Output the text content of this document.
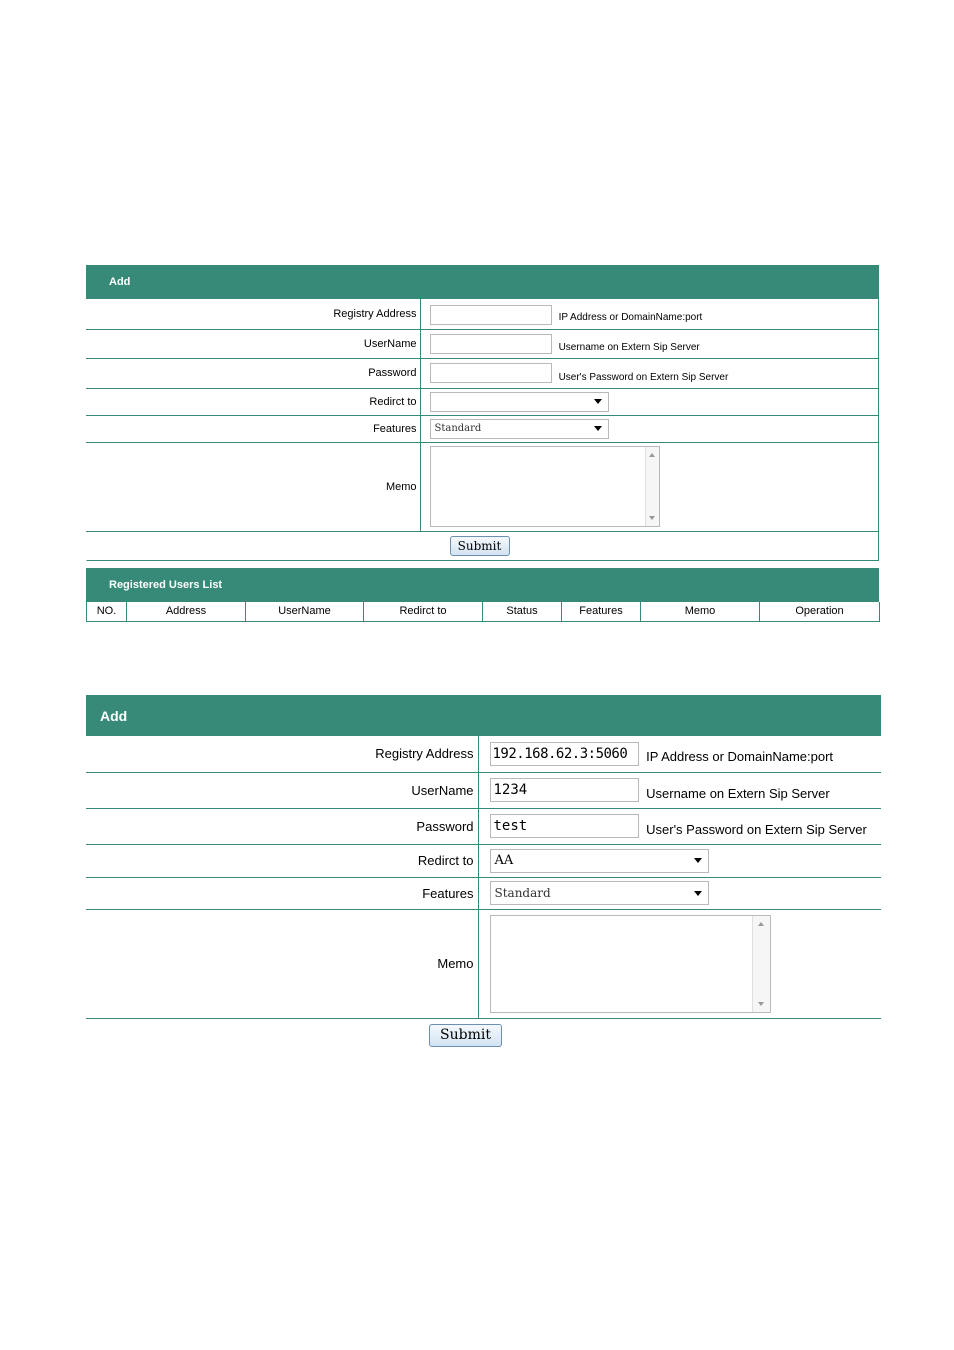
Add
Registry Address	IP Address or DomainName:port
UserName	Username on Extern Sip Server
Password	User's Password on Extern Sip Server
Redirct to	

Features	Standard

Memo	
Submit
Registered Users List
NO.	Address	UserName	Redirct to	Status	Features	Memo	Operation
Add
Registry Address	192.168.62.3:5060 IP Address or DomainName:port
UserName	1234 Username on Extern Sip Server
Password	test User's Password on Extern Sip Server
Redirct to	AA

Features	Standard

Memo	
Submit
